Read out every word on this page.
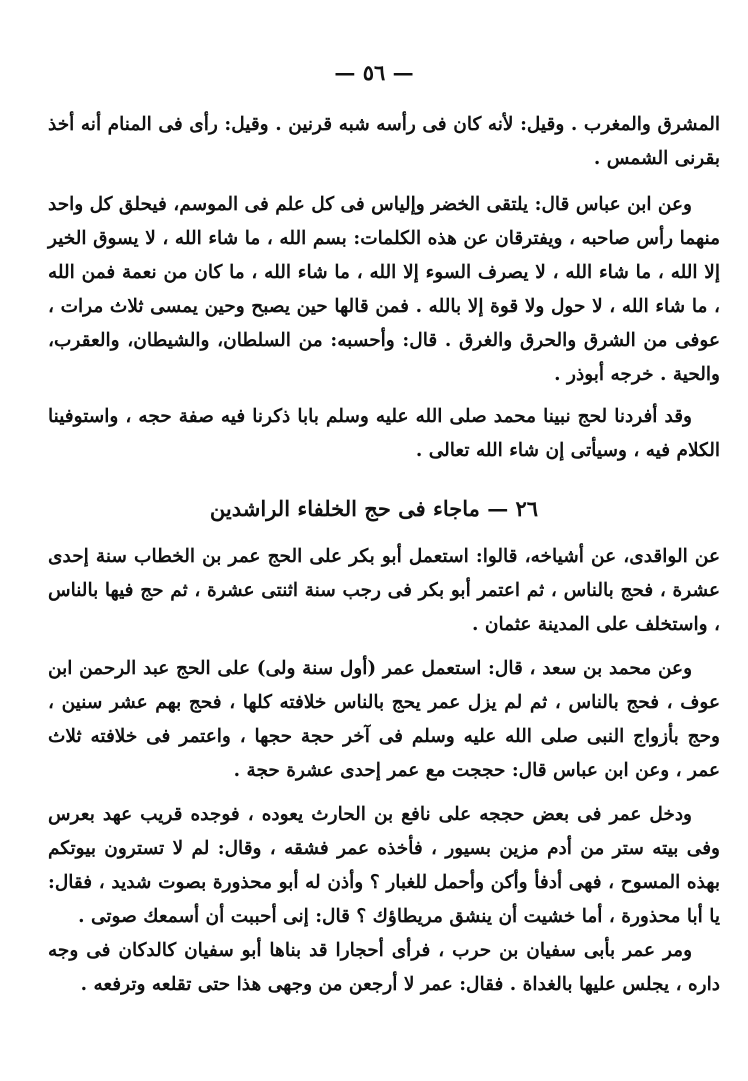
— ٥٦ —

المشرق والمغرب . وقيل: لأنه كان فى رأسه شبه قرنين . وقيل: رأى فى المنام أنه أخذ بقرنى الشمس .

وعن ابن عباس قال: يلتقى الخضر وإلياس فى كل علم فى الموسم، فيحلق كل واحد منهما رأس صاحبه ، ويفترقان عن هذه الكلمات: بسم الله ، ما شاء الله ، لا يسوق الخير إلا الله ، ما شاء الله ، لا يصرف السوء إلا الله ، ما شاء الله ، ما كان من نعمة فمن الله ، ما شاء الله ، لا حول ولا قوة إلا بالله . فمن قالها حين يصبح وحين يمسى ثلاث مرات ، عوفى من الشرق والحرق والغرق . قال: وأحسبه: من السلطان، والشيطان، والعقرب، والحية . خرجه أبوذر .

وقد أفردنا لحج نبينا محمد صلى الله عليه وسلم بابا ذكرنا فيه صفة حجه ، واستوفينا الكلام فيه ، وسيأتى إن شاء الله تعالى .

٢٦ — ماجاء فى حج الخلفاء الراشدين

عن الواقدى، عن أشياخه، قالوا: استعمل أبو بكر على الحج عمر بن الخطاب سنة إحدى عشرة ، فحج بالناس ، ثم اعتمر أبو بكر فى رجب سنة اثنتى عشرة ، ثم حج فيها بالناس ، واستخلف على المدينة عثمان .

وعن محمد بن سعد ، قال: استعمل عمر (أول سنة ولى) على الحج عبد الرحمن ابن عوف ، فحج بالناس ، ثم لم يزل عمر يحج بالناس خلافته كلها ، فحج بهم عشر سنين ، وحج بأزواج النبى صلى الله عليه وسلم فى آخر حجة حجها ، واعتمر فى خلافته ثلاث عمر ، وعن ابن عباس قال: حججت مع عمر إحدى عشرة حجة .

ودخل عمر فى بعض حججه على نافع بن الحارث يعوده ، فوجده قريب عهد بعرس وفى بيته ستر من أدم مزين بسيور ، فأخذه عمر فشقه ، وقال: لم لا تسترون بيوتكم بهذه المسوح ، فهى أدفأ وأكن وأحمل للغبار ؟ وأذن له أبو محذورة بصوت شديد ، فقال: يا أبا محذورة ، أما خشيت أن ينشق مريطاؤك ؟ قال: إنى أحببت أن أسمعك صوتى .

ومر عمر بأبى سفيان بن حرب ، فرأى أحجارا قد بناها أبو سفيان كالدكان فى وجه داره ، يجلس عليها بالغداة . فقال: عمر لا أرجعن من وجهى هذا حتى تقلعه وترفعه .
